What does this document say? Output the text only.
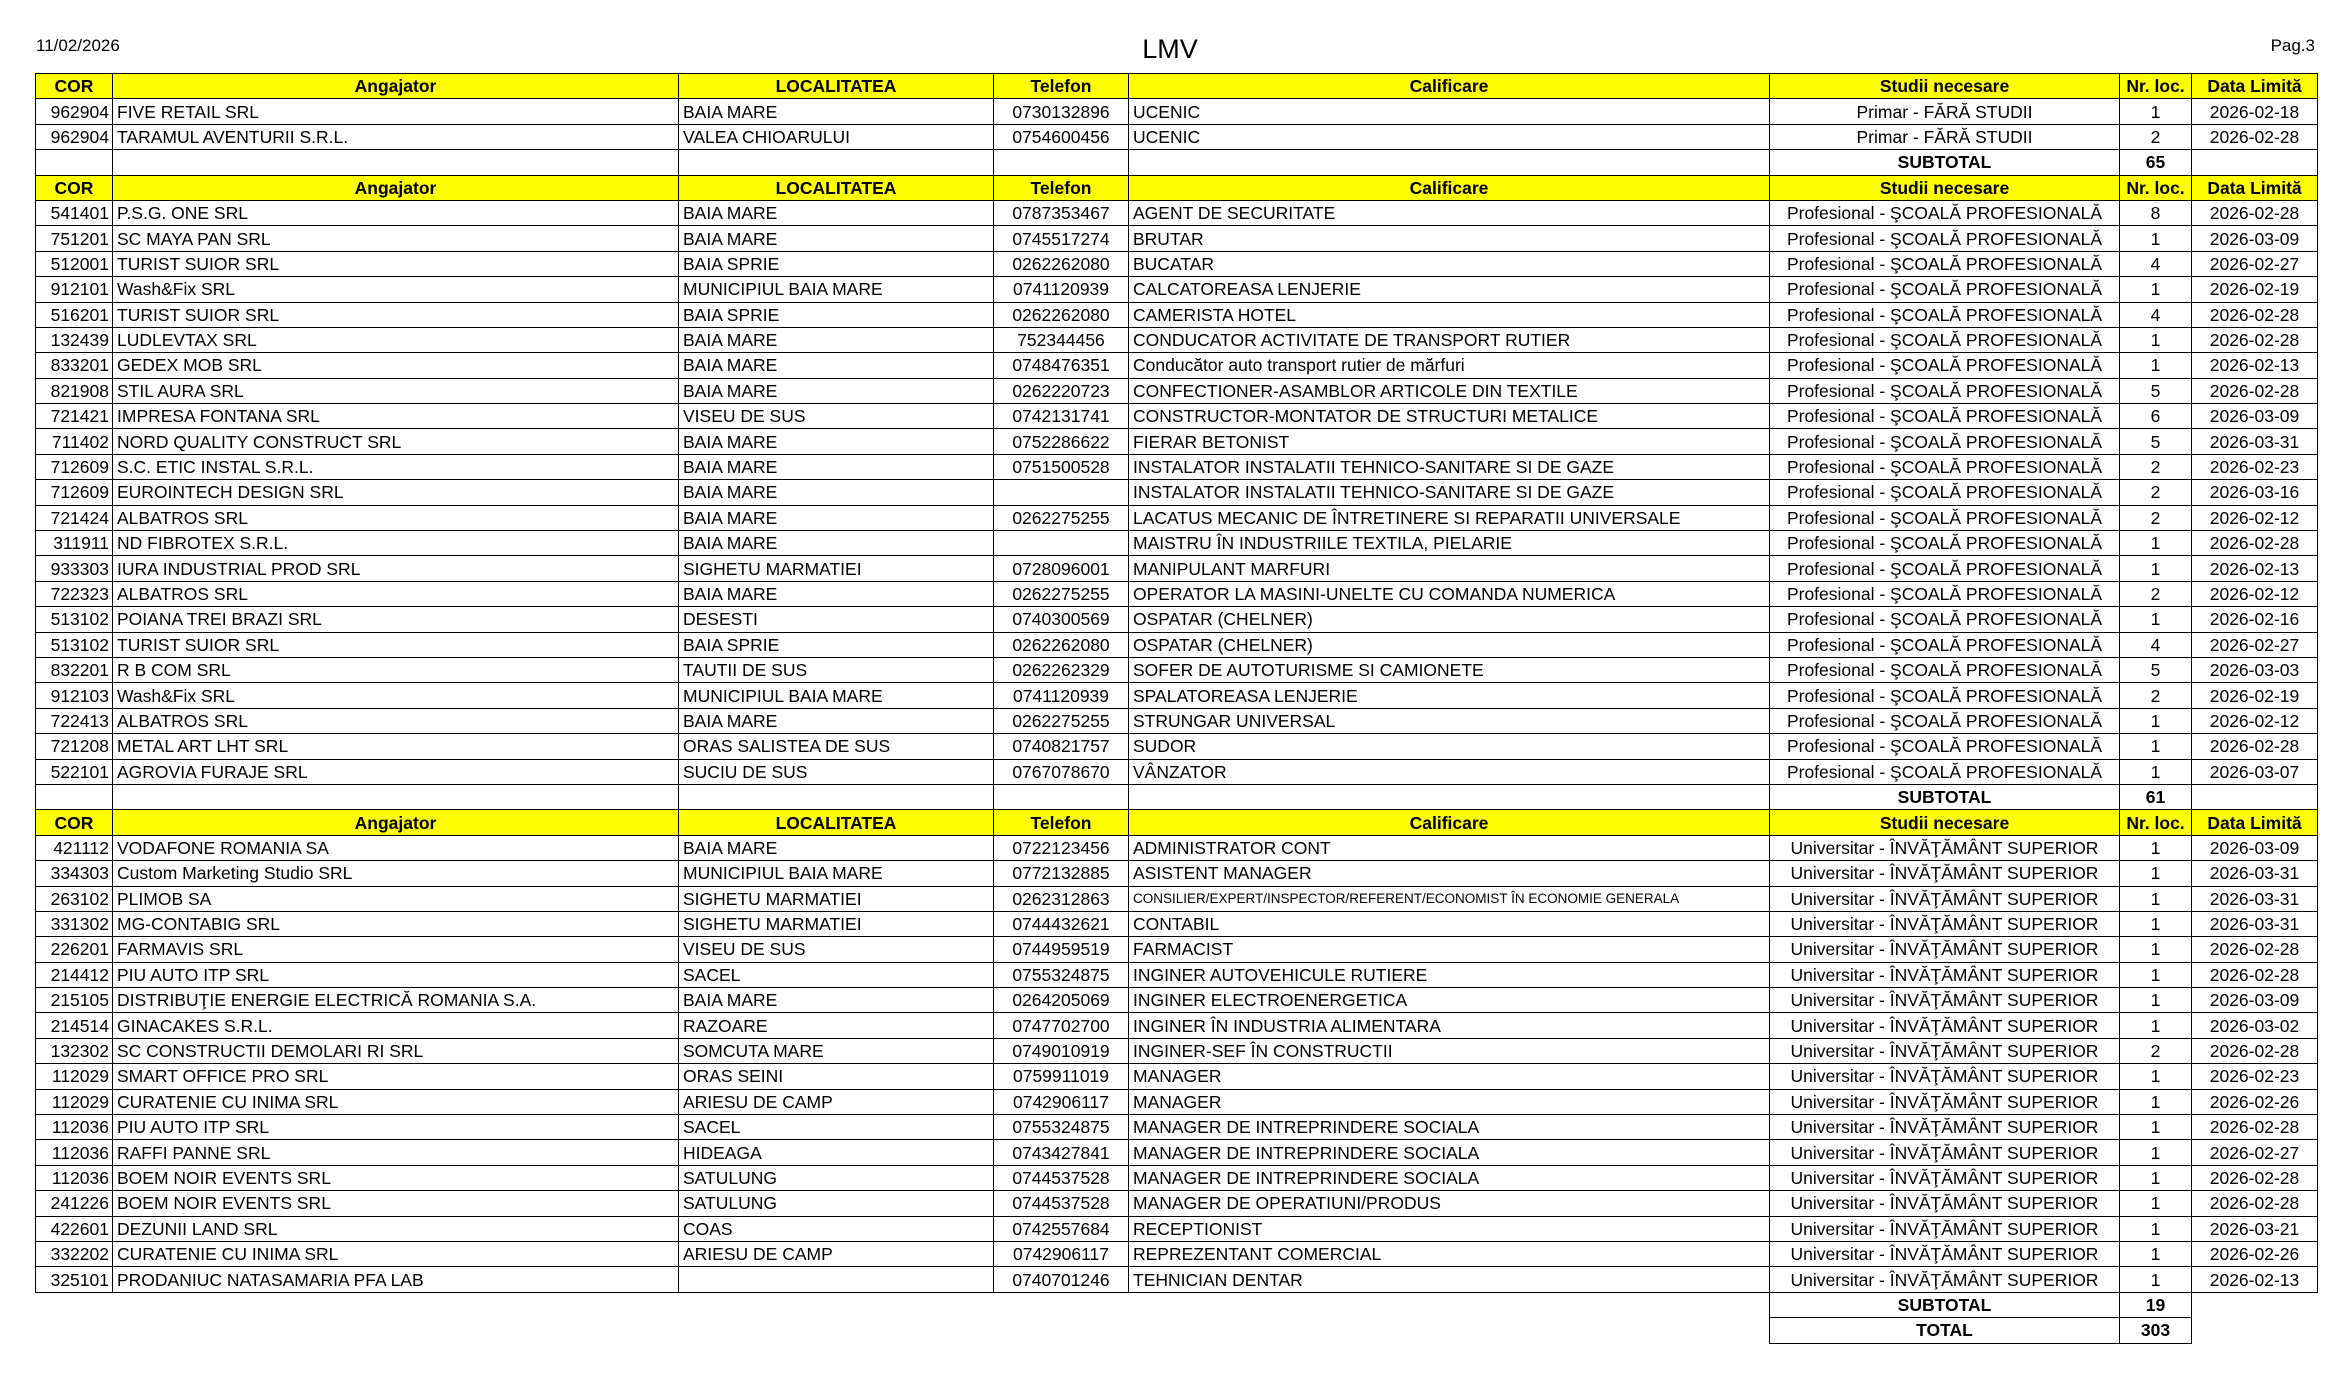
11/02/2026	LMV	Pag.3
COR	Angajator	LOCALITATEA	Telefon	Calificare	Studii necesare	Nr. loc.	Data Limită
962904	FIVE RETAIL SRL	BAIA MARE	0730132896	UCENIC	Primar - FĂRĂ STUDII	1	2026-02-18
962904	TARAMUL AVENTURII S.R.L.	VALEA CHIOARULUI	0754600456	UCENIC	Primar - FĂRĂ STUDII	2	2026-02-28
					SUBTOTAL	65	
COR	Angajator	LOCALITATEA	Telefon	Calificare	Studii necesare	Nr. loc.	Data Limită
541401	P.S.G. ONE SRL	BAIA MARE	0787353467	AGENT DE SECURITATE	Profesional - ŞCOALĂ PROFESIONALĂ	8	2026-02-28
751201	SC MAYA PAN SRL	BAIA MARE	0745517274	BRUTAR	Profesional - ŞCOALĂ PROFESIONALĂ	1	2026-03-09
512001	TURIST SUIOR SRL	BAIA SPRIE	0262262080	BUCATAR	Profesional - ŞCOALĂ PROFESIONALĂ	4	2026-02-27
912101	Wash&Fix SRL	MUNICIPIUL BAIA MARE	0741120939	CALCATOREASA LENJERIE	Profesional - ŞCOALĂ PROFESIONALĂ	1	2026-02-19
516201	TURIST SUIOR SRL	BAIA SPRIE	0262262080	CAMERISTA HOTEL	Profesional - ŞCOALĂ PROFESIONALĂ	4	2026-02-28
132439	LUDLEVTAX SRL	BAIA MARE	752344456	CONDUCATOR ACTIVITATE DE TRANSPORT RUTIER	Profesional - ŞCOALĂ PROFESIONALĂ	1	2026-02-28
833201	GEDEX MOB SRL	BAIA MARE	0748476351	Conducător auto transport rutier de mărfuri	Profesional - ŞCOALĂ PROFESIONALĂ	1	2026-02-13
821908	STIL AURA SRL	BAIA MARE	0262220723	CONFECTIONER-ASAMBLOR ARTICOLE DIN TEXTILE	Profesional - ŞCOALĂ PROFESIONALĂ	5	2026-02-28
721421	IMPRESA FONTANA SRL	VISEU DE SUS	0742131741	CONSTRUCTOR-MONTATOR DE STRUCTURI METALICE	Profesional - ŞCOALĂ PROFESIONALĂ	6	2026-03-09
711402	NORD QUALITY CONSTRUCT SRL	BAIA MARE	0752286622	FIERAR BETONIST	Profesional - ŞCOALĂ PROFESIONALĂ	5	2026-03-31
712609	S.C. ETIC INSTAL S.R.L.	BAIA MARE	0751500528	INSTALATOR INSTALATII TEHNICO-SANITARE SI DE GAZE	Profesional - ŞCOALĂ PROFESIONALĂ	2	2026-02-23
712609	EUROINTECH DESIGN SRL	BAIA MARE		INSTALATOR INSTALATII TEHNICO-SANITARE SI DE GAZE	Profesional - ŞCOALĂ PROFESIONALĂ	2	2026-03-16
721424	ALBATROS SRL	BAIA MARE	0262275255	LACATUS MECANIC DE ÎNTRETINERE SI REPARATII UNIVERSALE	Profesional - ŞCOALĂ PROFESIONALĂ	2	2026-02-12
311911	ND FIBROTEX S.R.L.	BAIA MARE		MAISTRU ÎN INDUSTRIILE TEXTILA, PIELARIE	Profesional - ŞCOALĂ PROFESIONALĂ	1	2026-02-28
933303	IURA INDUSTRIAL PROD SRL	SIGHETU MARMATIEI	0728096001	MANIPULANT MARFURI	Profesional - ŞCOALĂ PROFESIONALĂ	1	2026-02-13
722323	ALBATROS SRL	BAIA MARE	0262275255	OPERATOR LA MASINI-UNELTE CU COMANDA NUMERICA	Profesional - ŞCOALĂ PROFESIONALĂ	2	2026-02-12
513102	POIANA TREI BRAZI SRL	DESESTI	0740300569	OSPATAR (CHELNER)	Profesional - ŞCOALĂ PROFESIONALĂ	1	2026-02-16
513102	TURIST SUIOR SRL	BAIA SPRIE	0262262080	OSPATAR (CHELNER)	Profesional - ŞCOALĂ PROFESIONALĂ	4	2026-02-27
832201	R B COM SRL	TAUTII DE SUS	0262262329	SOFER DE AUTOTURISME SI CAMIONETE	Profesional - ŞCOALĂ PROFESIONALĂ	5	2026-03-03
912103	Wash&Fix SRL	MUNICIPIUL BAIA MARE	0741120939	SPALATOREASA LENJERIE	Profesional - ŞCOALĂ PROFESIONALĂ	2	2026-02-19
722413	ALBATROS SRL	BAIA MARE	0262275255	STRUNGAR UNIVERSAL	Profesional - ŞCOALĂ PROFESIONALĂ	1	2026-02-12
721208	METAL ART LHT SRL	ORAS SALISTEA DE SUS	0740821757	SUDOR	Profesional - ŞCOALĂ PROFESIONALĂ	1	2026-02-28
522101	AGROVIA FURAJE SRL	SUCIU DE SUS	0767078670	VÂNZATOR	Profesional - ŞCOALĂ PROFESIONALĂ	1	2026-03-07
					SUBTOTAL	61	
COR	Angajator	LOCALITATEA	Telefon	Calificare	Studii necesare	Nr. loc.	Data Limită
421112	VODAFONE ROMANIA SA	BAIA MARE	0722123456	ADMINISTRATOR CONT	Universitar - ÎNVĂŢĂMÂNT SUPERIOR	1	2026-03-09
334303	Custom Marketing Studio SRL	MUNICIPIUL BAIA MARE	0772132885	ASISTENT MANAGER	Universitar - ÎNVĂŢĂMÂNT SUPERIOR	1	2026-03-31
263102	PLIMOB SA	SIGHETU MARMATIEI	0262312863	CONSILIER/EXPERT/INSPECTOR/REFERENT/ECONOMIST ÎN ECONOMIE GENERALA	Universitar - ÎNVĂŢĂMÂNT SUPERIOR	1	2026-03-31
331302	MG-CONTABIG SRL	SIGHETU MARMATIEI	0744432621	CONTABIL	Universitar - ÎNVĂŢĂMÂNT SUPERIOR	1	2026-03-31
226201	FARMAVIS SRL	VISEU DE SUS	0744959519	FARMACIST	Universitar - ÎNVĂŢĂMÂNT SUPERIOR	1	2026-02-28
214412	PIU AUTO ITP SRL	SACEL	0755324875	INGINER AUTOVEHICULE RUTIERE	Universitar - ÎNVĂŢĂMÂNT SUPERIOR	1	2026-02-28
215105	DISTRIBUŢIE ENERGIE ELECTRICĂ ROMANIA S.A.	BAIA MARE	0264205069	INGINER ELECTROENERGETICA	Universitar - ÎNVĂŢĂMÂNT SUPERIOR	1	2026-03-09
214514	GINACAKES S.R.L.	RAZOARE	0747702700	INGINER ÎN INDUSTRIA ALIMENTARA	Universitar - ÎNVĂŢĂMÂNT SUPERIOR	1	2026-03-02
132302	SC CONSTRUCTII DEMOLARI RI SRL	SOMCUTA MARE	0749010919	INGINER-SEF ÎN CONSTRUCTII	Universitar - ÎNVĂŢĂMÂNT SUPERIOR	2	2026-02-28
112029	SMART OFFICE PRO SRL	ORAS SEINI	0759911019	MANAGER	Universitar - ÎNVĂŢĂMÂNT SUPERIOR	1	2026-02-23
112029	CURATENIE CU INIMA SRL	ARIESU DE CAMP	0742906117	MANAGER	Universitar - ÎNVĂŢĂMÂNT SUPERIOR	1	2026-02-26
112036	PIU AUTO ITP SRL	SACEL	0755324875	MANAGER DE INTREPRINDERE SOCIALA	Universitar - ÎNVĂŢĂMÂNT SUPERIOR	1	2026-02-28
112036	RAFFI PANNE SRL	HIDEAGA	0743427841	MANAGER DE INTREPRINDERE SOCIALA	Universitar - ÎNVĂŢĂMÂNT SUPERIOR	1	2026-02-27
112036	BOEM NOIR EVENTS SRL	SATULUNG	0744537528	MANAGER DE INTREPRINDERE SOCIALA	Universitar - ÎNVĂŢĂMÂNT SUPERIOR	1	2026-02-28
241226	BOEM NOIR EVENTS SRL	SATULUNG	0744537528	MANAGER DE OPERATIUNI/PRODUS	Universitar - ÎNVĂŢĂMÂNT SUPERIOR	1	2026-02-28
422601	DEZUNII LAND SRL	COAS	0742557684	RECEPTIONIST	Universitar - ÎNVĂŢĂMÂNT SUPERIOR	1	2026-03-21
332202	CURATENIE CU INIMA SRL	ARIESU DE CAMP	0742906117	REPREZENTANT COMERCIAL	Universitar - ÎNVĂŢĂMÂNT SUPERIOR	1	2026-02-26
325101	PRODANIUC NATASAMARIA PFA LAB		0740701246	TEHNICIAN DENTAR	Universitar - ÎNVĂŢĂMÂNT SUPERIOR	1	2026-02-13
					SUBTOTAL	19	
					TOTAL	303	
